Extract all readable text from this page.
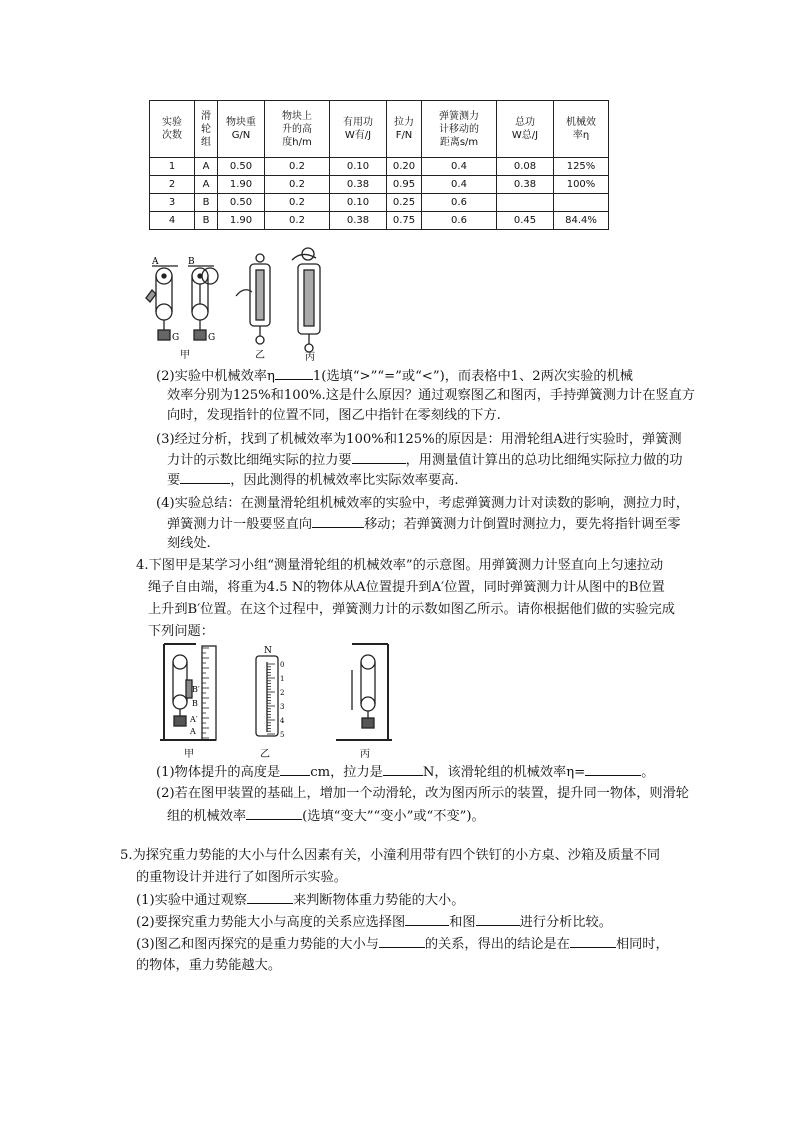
实验
次数	滑
轮
组	物块重
G/N	物块上
升的高
度h/m	有用功
W有/J	拉力
F/N	弹簧测力
计移动的
距离s/m	总功
W总/J	机械效
率η
1	A	0.50	0.2	0.10	0.20	0.4	0.08	125%
2	A	1.90	0.2	0.38	0.95	0.4	0.38	100%
3	B	0.50	0.2	0.10	0.25	0.6		
4	B	1.90	0.2	0.38	0.75	0.6	0.45	84.4%
A	B
G	G
甲	乙	丙
(2)实验中机械效率η	1(选填“>”“=”或“<”)，而表格中1、2两次实验的机械
效率分别为125%和100%.这是什么原因？通过观察图乙和图丙，手持弹簧测力计在竖直方
向时，发现指针的位置不同，图乙中指针在零刻线的下方.
(3)经过分析，找到了机械效率为100%和125%的原因是：用滑轮组A进行实验时，弹簧测
力计的示数比细绳实际的拉力要	，用测量值计算出的总功比细绳实际拉力做的功
要	，因此测得的机械效率比实际效率要高.
(4)实验总结：在测量滑轮组机械效率的实验中，考虑弹簧测力计对读数的影响，测拉力时，
弹簧测力计一般要竖直向	移动；若弹簧测力计倒置时测拉力，要先将指针调至零
刻线处.
4.下图甲是某学习小组“测量滑轮组的机械效率”的示意图。用弹簧测力计竖直向上匀速拉动
绳子自由端，将重为4.5 N的物体从A位置提升到A′位置，同时弹簧测力计从图中的B位置
上升到B′位置。在这个过程中，弹簧测力计的示数如图乙所示。请你根据他们做的实验完成
下列问题：
B′
B
A′
A
N
0
1
2
3
4
5
甲	乙	丙
(1)物体提升的高度是 cm，拉力是	N，该滑轮组的机械效率η=	。
(2)若在图甲装置的基础上，增加一个动滑轮，改为图丙所示的装置，提升同一物体，则滑轮
组的机械效率	(选填“变大”“变小”或“不变”)。
5.为探究重力势能的大小与什么因素有关，小潼利用带有四个铁钉的小方桌、沙箱及质量不同
的重物设计并进行了如图所示实验。
(1)实验中通过观察	来判断物体重力势能的大小。
(2)要探究重力势能大小与高度的关系应选择图	和图	进行分析比较。
(3)图乙和图丙探究的是重力势能的大小与	的关系，得出的结论是在	相同时，
的物体，重力势能越大。
